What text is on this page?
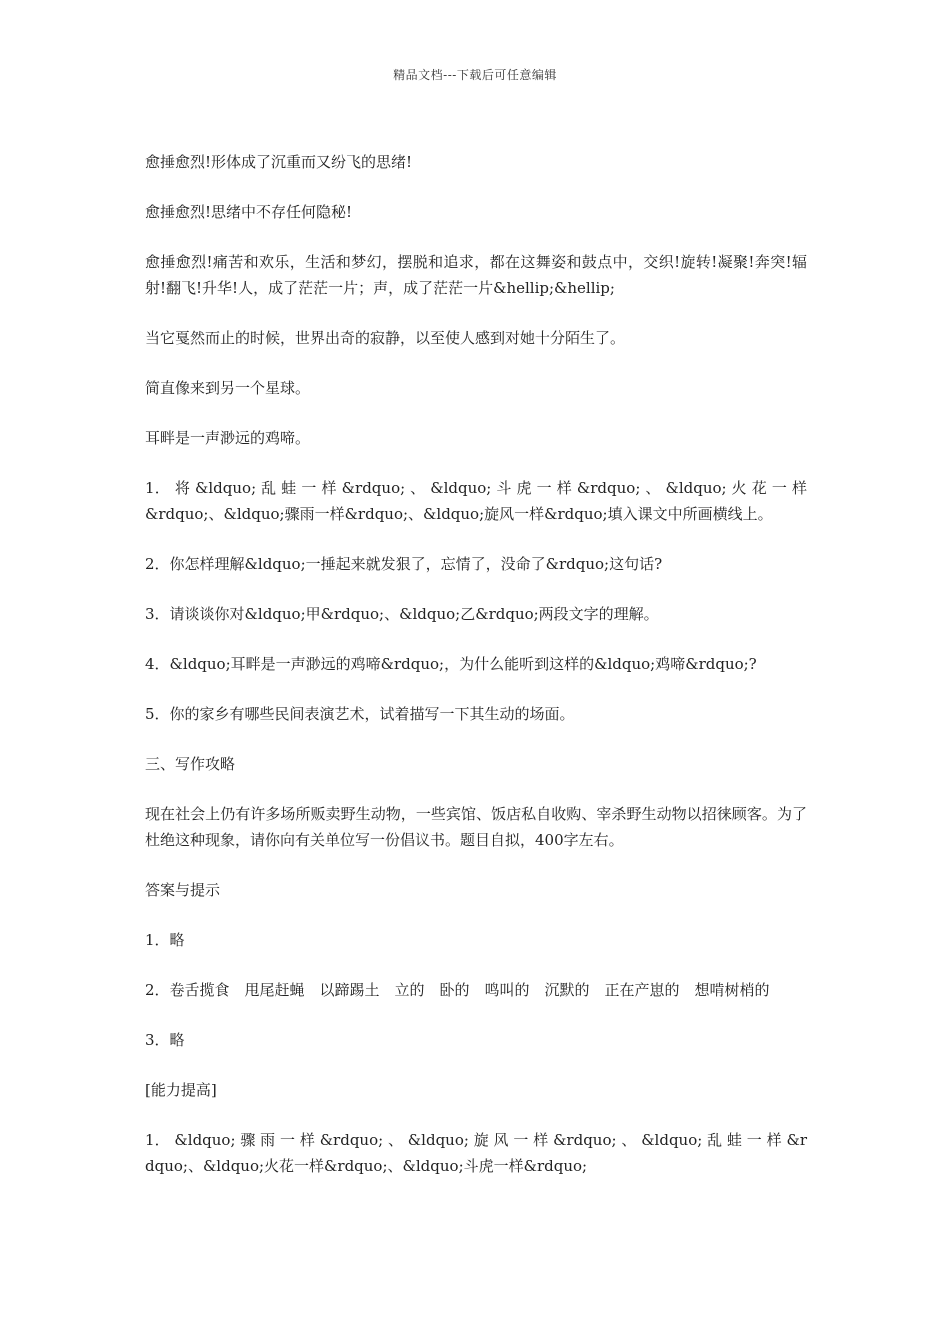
精品文档---下载后可任意编辑

愈捶愈烈!形体成了沉重而又纷飞的思绪!

愈捶愈烈!思绪中不存任何隐秘!

愈捶愈烈!痛苦和欢乐，生活和梦幻，摆脱和追求，都在这舞姿和鼓点中，交织!旋转!凝聚!奔突!辐射!翻飞!升华!人，成了茫茫一片；声，成了茫茫一片&hellip;&hellip;

当它戛然而止的时候，世界出奇的寂静，以至使人感到对她十分陌生了。

简直像来到另一个星球。

耳畔是一声渺远的鸡啼。

1． 将 &ldquo; 乱 蛙 一 样 &rdquo; 、 &ldquo; 斗 虎 一 样 &rdquo; 、 &ldquo; 火 花 一 样 &rdquo;、&ldquo;骤雨一样&rdquo;、&ldquo;旋风一样&rdquo;填入课文中所画横线上。

2．你怎样理解&ldquo;一捶起来就发狠了，忘情了，没命了&rdquo;这句话?

3．请谈谈你对&ldquo;甲&rdquo;、&ldquo;乙&rdquo;两段文字的理解。

4．&ldquo;耳畔是一声渺远的鸡啼&rdquo;，为什么能听到这样的&ldquo;鸡啼&rdquo;?

5．你的家乡有哪些民间表演艺术，试着描写一下其生动的场面。

三、写作攻略

现在社会上仍有许多场所贩卖野生动物，一些宾馆、饭店私自收购、宰杀野生动物以招徕顾客。为了杜绝这种现象，请你向有关单位写一份倡议书。题目自拟，400字左右。

答案与提示

1．略

2．卷舌揽食　甩尾赶蝇　以蹄踢土　立的　卧的　鸣叫的　沉默的　正在产崽的　想啃树梢的

3．略

[能力提高]

1． &ldquo; 骤 雨 一 样 &rdquo; 、 &ldquo; 旋 风 一 样 &rdquo; 、 &ldquo; 乱 蛙 一 样 &rdquo;、&ldquo;火花一样&rdquo;、&ldquo;斗虎一样&rdquo;
